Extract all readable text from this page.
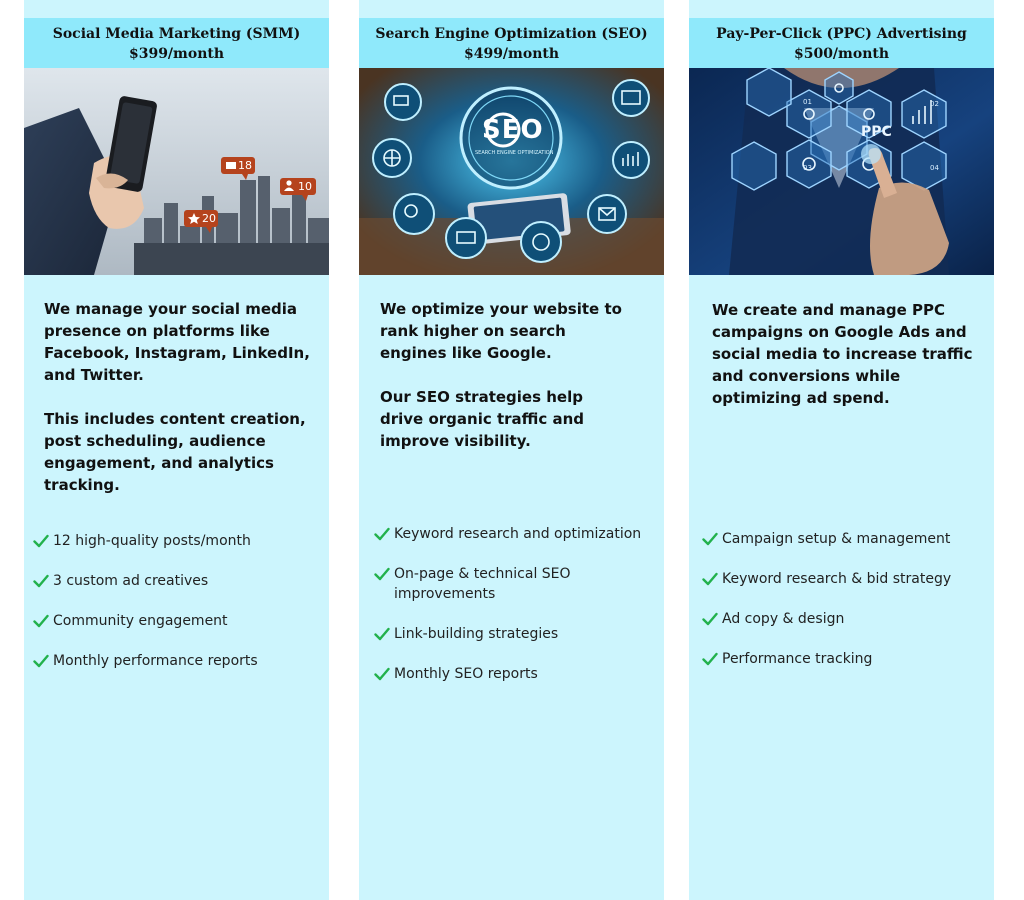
Social Media Marketing (SMM)
$399/month
18
10
20

We manage your social media presence on platforms like Facebook, Instagram, LinkedIn, and Twitter.

This includes content creation, post scheduling, audience engagement, and analytics tracking.

12 high-quality posts/month
3 custom ad creatives
Community engagement
Monthly performance reports
Search Engine Optimization (SEO)
$499/month
SEO
SEARCH ENGINE OPTIMIZATION

We optimize your website to rank higher on search engines like Google.

Our SEO strategies help drive organic traffic and improve visibility.

Keyword research and optimization
On-page & technical SEO improvements
Link-building strategies
Monthly SEO reports
Pay-Per-Click (PPC) Advertising
$500/month
PPC
01	02
03	04

We create and manage PPC campaigns on Google Ads and social media to increase traffic and conversions while optimizing ad spend.

Campaign setup & management
Keyword research & bid strategy
Ad copy & design
Performance tracking
